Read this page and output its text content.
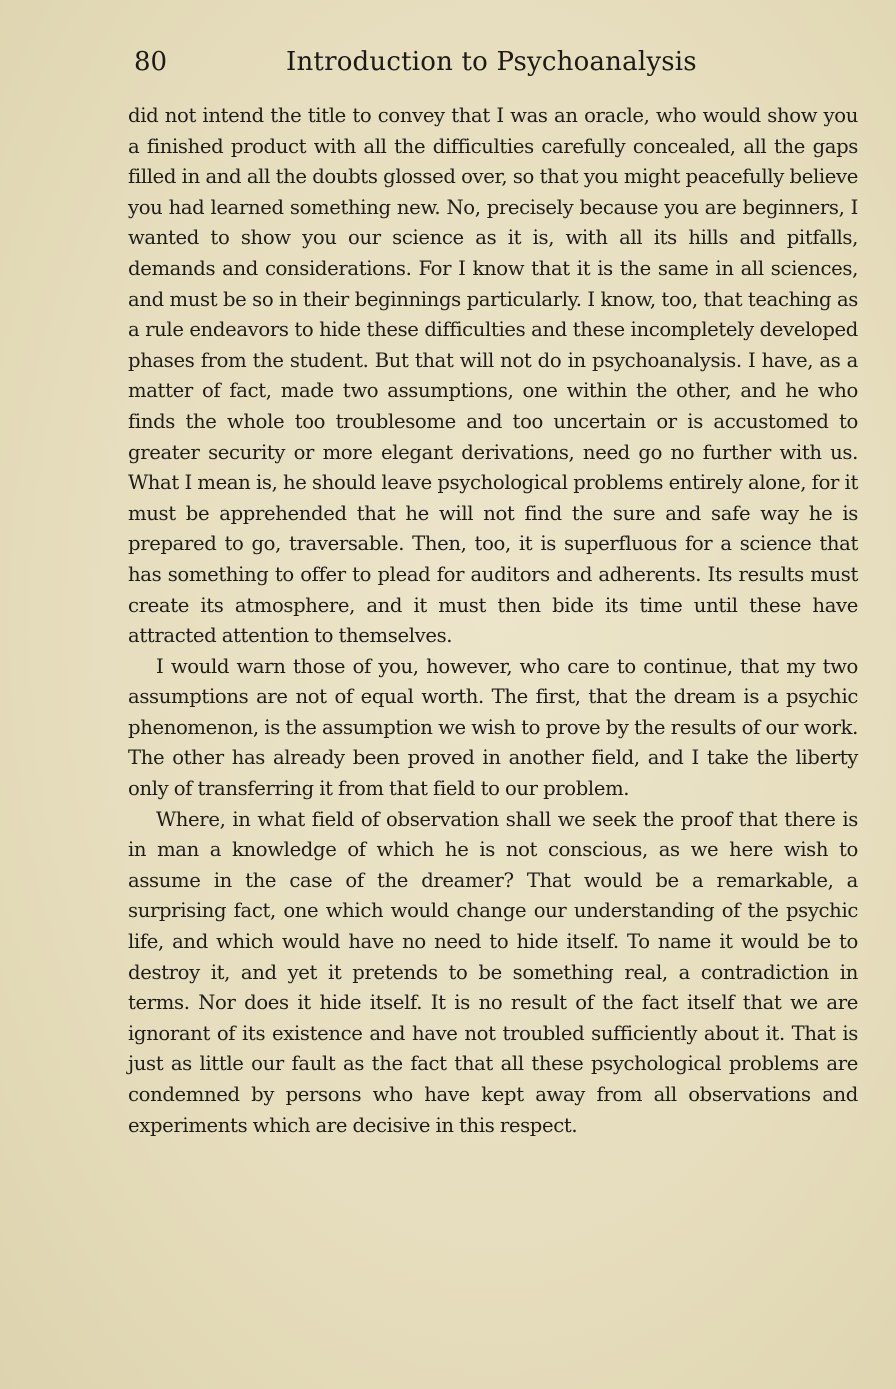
80	Introduction to Psychoanalysis

did not intend the title to convey that I was an oracle, who would show you a finished product with all the difficulties carefully concealed, all the gaps filled in and all the doubts glossed over, so that you might peacefully believe you had learned something new. No, precisely because you are beginners, I wanted to show you our science as it is, with all its hills and pitfalls, demands and considerations. For I know that it is the same in all sciences, and must be so in their beginnings particularly. I know, too, that teaching as a rule endeavors to hide these difficulties and these incompletely developed phases from the student. But that will not do in psychoanalysis. I have, as a matter of fact, made two assumptions, one within the other, and he who finds the whole too troublesome and too uncertain or is accustomed to greater security or more elegant derivations, need go no further with us. What I mean is, he should leave psychological problems entirely alone, for it must be apprehended that he will not find the sure and safe way he is prepared to go, traversable. Then, too, it is superfluous for a science that has something to offer to plead for auditors and adherents. Its results must create its atmosphere, and it must then bide its time until these have attracted attention to themselves.

I would warn those of you, however, who care to continue, that my two assumptions are not of equal worth. The first, that the dream is a psychic phenomenon, is the assumption we wish to prove by the results of our work. The other has already been proved in another field, and I take the liberty only of transferring it from that field to our problem.

Where, in what field of observation shall we seek the proof that there is in man a knowledge of which he is not conscious, as we here wish to assume in the case of the dreamer? That would be a remarkable, a surprising fact, one which would change our understanding of the psychic life, and which would have no need to hide itself. To name it would be to destroy it, and yet it pretends to be something real, a contradiction in terms. Nor does it hide itself. It is no result of the fact itself that we are ignorant of its existence and have not troubled sufficiently about it. That is just as little our fault as the fact that all these psychological problems are condemned by persons who have kept away from all observations and experiments which are decisive in this respect.
